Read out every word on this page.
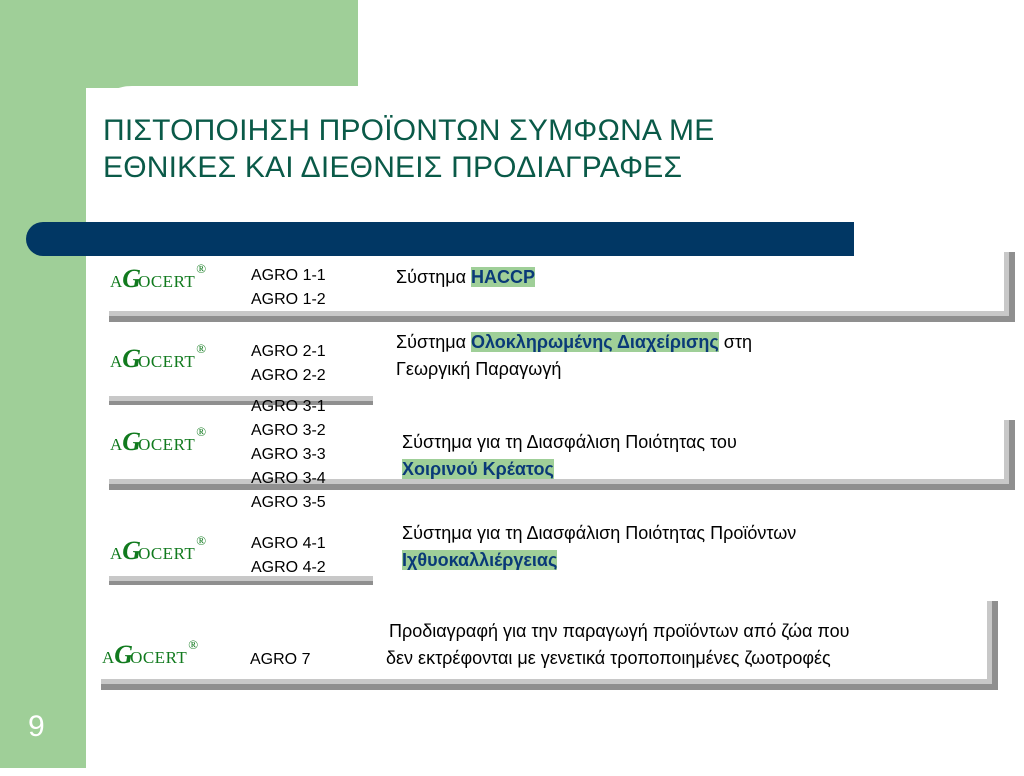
ΠΙΣΤΟΠΟΙΗΣΗ ΠΡΟΪΟΝΤΩΝ ΣΥΜΦΩΝΑ ΜΕ
ΕΘΝΙΚΕΣ ΚΑΙ ΔΙΕΘΝΕΙΣ ΠΡΟΔΙΑΓΡΑΦΕΣ
AGOCERT®
AGOCERT®
AGOCERT®
AGOCERT®
AGOCERT®
AGRO 1-1
AGRO 1-2
AGRO 2-1
AGRO 2-2
AGRO 3-1
AGRO 3-2
AGRO 3-3
AGRO 3-4
AGRO 3-5
AGRO 4-1
AGRO 4-2
AGRO 7
Σύστημα HACCP
Σύστημα Ολοκληρωμένης Διαχείρισης στη
Γεωργική Παραγωγή
Σύστημα για τη Διασφάλιση Ποιότητας του
Χοιρινού Κρέατος
Σύστημα για τη Διασφάλιση Ποιότητας Προϊόντων
Ιχθυοκαλλιέργειας
Προδιαγραφή για την παραγωγή προϊόντων από ζώα που
δεν εκτρέφονται με γενετικά τροποποιημένες ζωοτροφές
9
